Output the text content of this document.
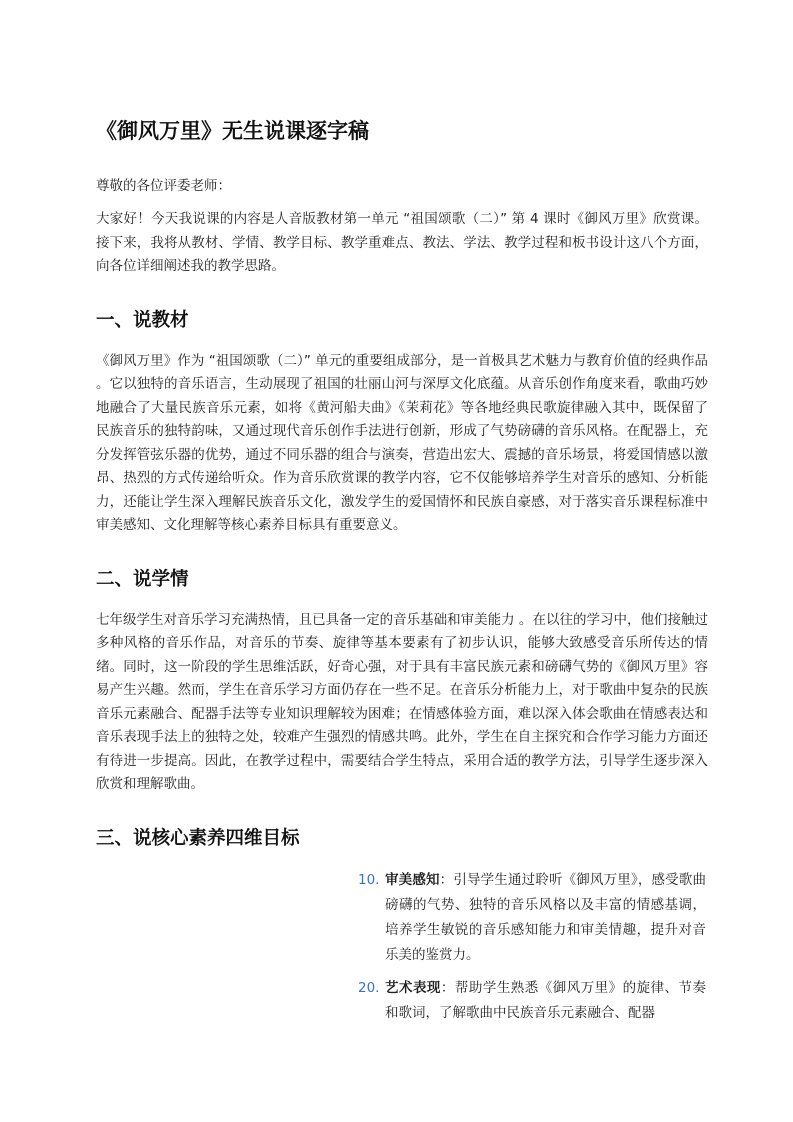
《御风万里》无生说课逐字稿
尊敬的各位评委老师：

大家好！今天我说课的内容是人音版教材第一单元 “祖国颂歌（二）” 第 4 课时《御风万里》欣赏课。接下来，我将从教材、学情、教学目标、教学重难点、教法、学法、教学过程和板书设计这八个方面，向各位详细阐述我的教学思路。

一、说教材

《御风万里》作为 “祖国颂歌（二）” 单元的重要组成部分，是一首极具艺术魅力与教育价值的经典作品 。它以独特的音乐语言，生动展现了祖国的壮丽山河与深厚文化底蕴。从音乐创作角度来看，歌曲巧妙地融合了大量民族音乐元素，如将《黄河船夫曲》《茉莉花》等各地经典民歌旋律融入其中，既保留了民族音乐的独特韵味，又通过现代音乐创作手法进行创新，形成了气势磅礴的音乐风格。在配器上，充分发挥管弦乐器的优势，通过不同乐器的组合与演奏，营造出宏大、震撼的音乐场景，将爱国情感以激昂、热烈的方式传递给听众。作为音乐欣赏课的教学内容，它不仅能够培养学生对音乐的感知、分析能力，还能让学生深入理解民族音乐文化，激发学生的爱国情怀和民族自豪感，对于落实音乐课程标准中审美感知、文化理解等核心素养目标具有重要意义。

二、说学情

七年级学生对音乐学习充满热情，且已具备一定的音乐基础和审美能力 。在以往的学习中，他们接触过多种风格的音乐作品，对音乐的节奏、旋律等基本要素有了初步认识，能够大致感受音乐所传达的情绪。同时，这一阶段的学生思维活跃，好奇心强，对于具有丰富民族元素和磅礴气势的《御风万里》容易产生兴趣。然而，学生在音乐学习方面仍存在一些不足。在音乐分析能力上，对于歌曲中复杂的民族音乐元素融合、配器手法等专业知识理解较为困难；在情感体验方面，难以深入体会歌曲在情感表达和音乐表现手法上的独特之处，较难产生强烈的情感共鸣。此外，学生在自主探究和合作学习能力方面还有待进一步提高。因此，在教学过程中，需要结合学生特点，采用合适的教学方法，引导学生逐步深入欣赏和理解歌曲。

三、说核心素养四维目标
10. 审美感知：引导学生通过聆听《御风万里》，感受歌曲磅礴的气势、独特的音乐风格以及丰富的情感基调，培养学生敏锐的音乐感知能力和审美情趣，提升对音乐美的鉴赏力。
20. 艺术表现：帮助学生熟悉《御风万里》的旋律、节奏和歌词，了解歌曲中民族音乐元素融合、配器
